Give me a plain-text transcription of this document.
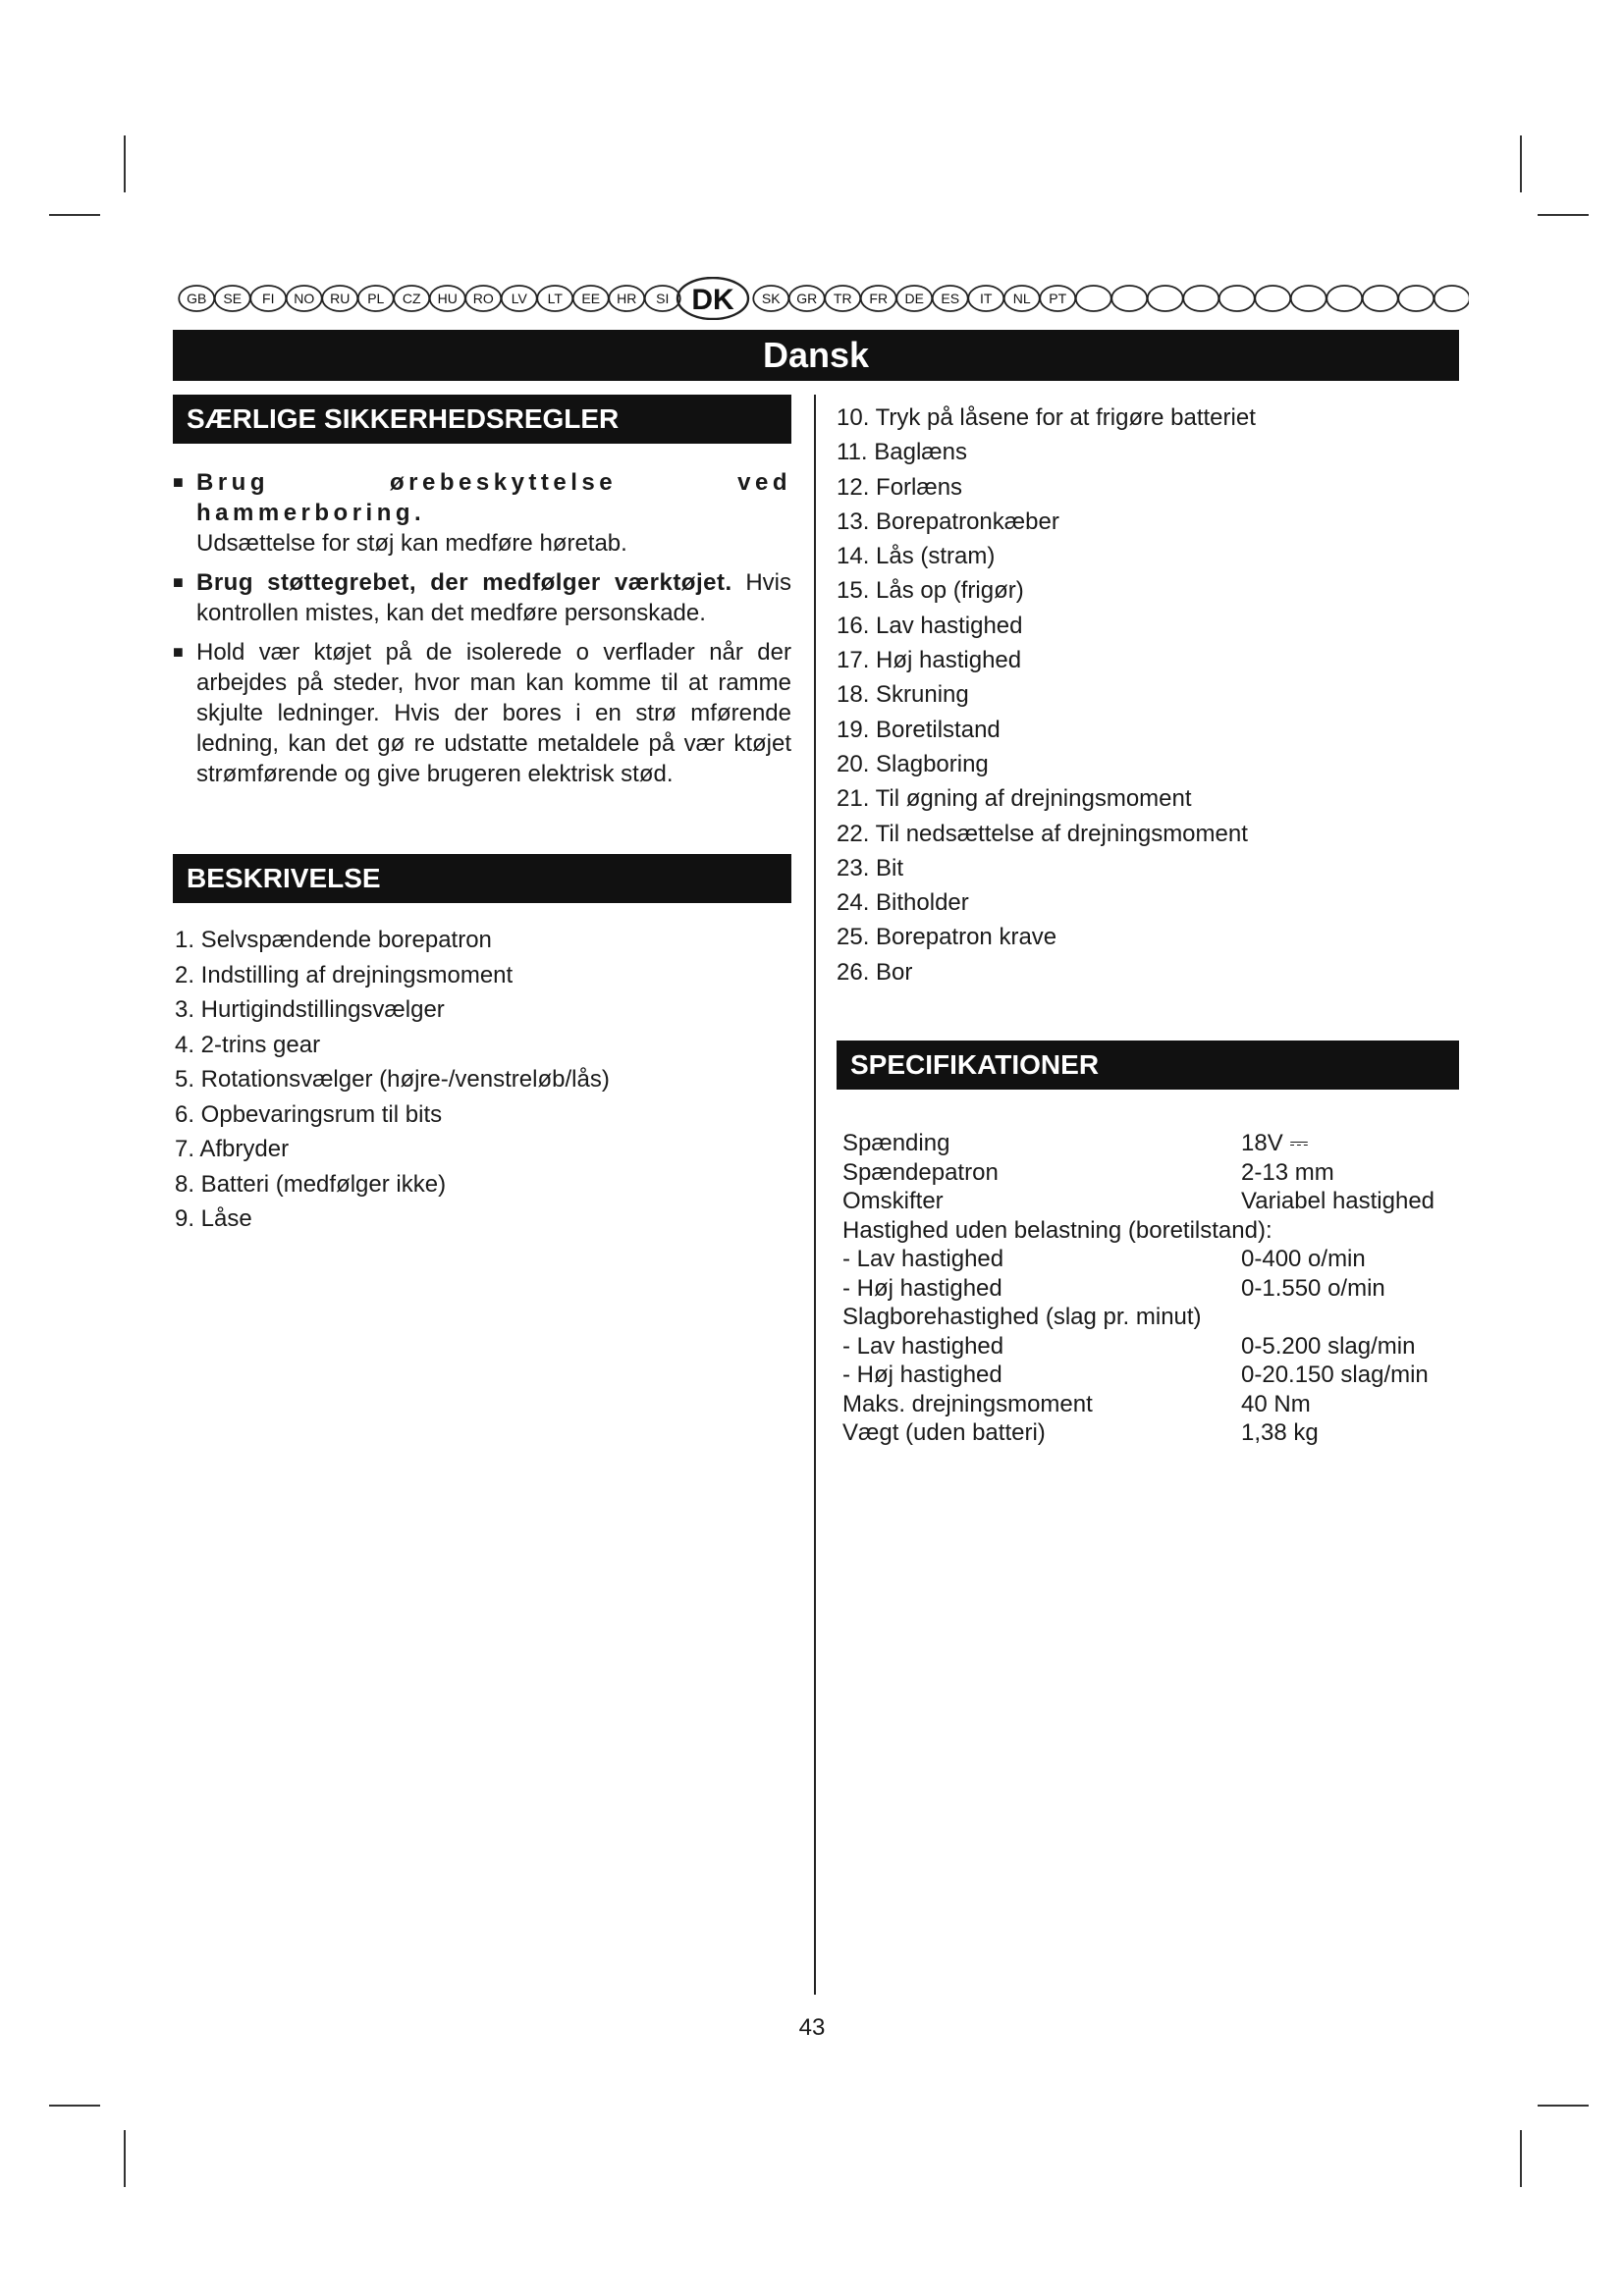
GB SE FI NO RU PL CZ HU RO LV LT EE HR SI DK SK GR TR FR DE ES IT NL PT
Dansk
SÆRLIGE SIKKERHEDSREGLER
■ Brug ørebeskyttelse ved hammerboring.
Udsættelse for støj kan medføre høretab.
■ Brug støttegrebet, der medfølger værktøjet. Hvis kontrollen mistes, kan det medføre personskade.
■ Hold vær ktøjet på de isolerede o verflader når der arbejdes på steder, hvor man kan komme til at ramme skjulte ledninger. Hvis der bores i en strø mførende ledning, kan det gø re udstatte metaldele på vær ktøjet strømførende og give brugeren elektrisk stød.
BESKRIVELSE
1. Selvspændende borepatron
2. Indstilling af drejningsmoment
3. Hurtigindstillingsvælger
4. 2-trins gear
5. Rotationsvælger (højre-/venstreløb/lås)
6. Opbevaringsrum til bits
7. Afbryder
8. Batteri (medfølger ikke)
9. Låse
10. Tryk på låsene for at frigøre batteriet
11. Baglæns
12. Forlæns
13. Borepatronkæber
14. Lås (stram)
15. Lås op (frigør)
16. Lav hastighed
17. Høj hastighed
18. Skruning
19. Boretilstand
20. Slagboring
21. Til øgning af drejningsmoment
22. Til nedsættelse af drejningsmoment
23. Bit
24. Bitholder
25. Borepatron krave
26. Bor
SPECIFIKATIONER
Spænding	18V ⎓
Spændepatron	2-13 mm
Omskifter	Variabel hastighed
Hastighed uden belastning (boretilstand):	
- Lav hastighed	0-400 o/min
- Høj hastighed	0-1.550 o/min
Slagborehastighed (slag pr. minut)	
- Lav hastighed	0-5.200 slag/min
- Høj hastighed	0-20.150 slag/min
Maks. drejningsmoment	40 Nm
Vægt (uden batteri)	1,38 kg
43
